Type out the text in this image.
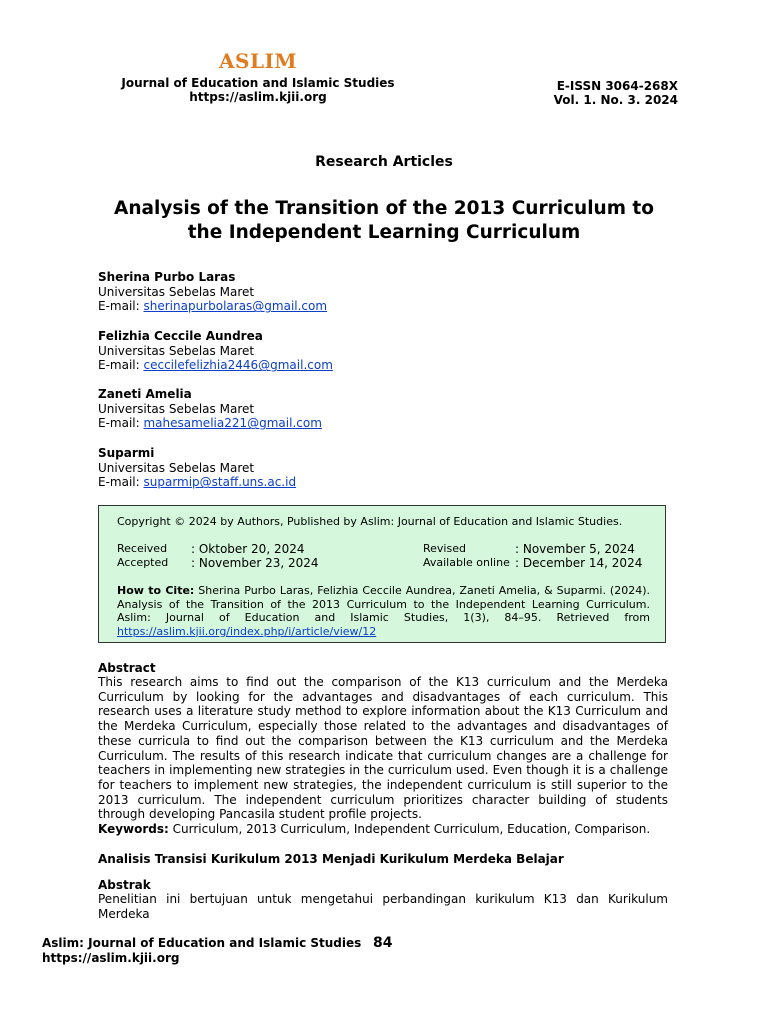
ASLIM
Journal of Education and Islamic Studies
https://aslim.kjii.org
E-ISSN 3064-268X
Vol. 1. No. 3. 2024
Research Articles
Analysis of the Transition of the 2013 Curriculum to
the Independent Learning Curriculum
Sherina Purbo Laras
Universitas Sebelas Maret
E-mail: sherinapurbolaras@gmail.com
Felizhia Ceccile Aundrea
Universitas Sebelas Maret
E-mail: ceccilefelizhia2446@gmail.com
Zaneti Amelia
Universitas Sebelas Maret
E-mail: mahesamelia221@gmail.com
Suparmi
Universitas Sebelas Maret
E-mail: suparmip@staff.uns.ac.id
Copyright © 2024 by Authors, Published by Aslim: Journal of Education and Islamic Studies.
Received : Oktober 20, 2024	Revised	: November 5, 2024
Accepted : November 23, 2024	Available online : December 14, 2024
How to Cite: Sherina Purbo Laras, Felizhia Ceccile Aundrea, Zaneti Amelia, & Suparmi. (2024). Analysis of the Transition of the 2013 Curriculum to the Independent Learning Curriculum. Aslim: Journal of Education and Islamic Studies, 1(3), 84–95. Retrieved from
https://aslim.kjii.org/index.php/i/article/view/12
Abstract
This research aims to find out the comparison of the K13 curriculum and the Merdeka Curriculum by looking for the advantages and disadvantages of each curriculum. This research uses a literature study method to explore information about the K13 Curriculum and the Merdeka Curriculum, especially those related to the advantages and disadvantages of these curricula to find out the comparison between the K13 curriculum and the Merdeka Curriculum. The results of this research indicate that curriculum changes are a challenge for teachers in implementing new strategies in the curriculum used. Even though it is a challenge for teachers to implement new strategies, the independent curriculum is still superior to the 2013 curriculum. The independent curriculum prioritizes character building of students through developing Pancasila student profile projects.
Keywords: Curriculum, 2013 Curriculum, Independent Curriculum, Education, Comparison.
Analisis Transisi Kurikulum 2013 Menjadi Kurikulum Merdeka Belajar
Abstrak
Penelitian ini bertujuan untuk mengetahui perbandingan kurikulum K13 dan Kurikulum Merdeka
Aslim: Journal of Education and Islamic Studies
https://aslim.kjii.org
84
